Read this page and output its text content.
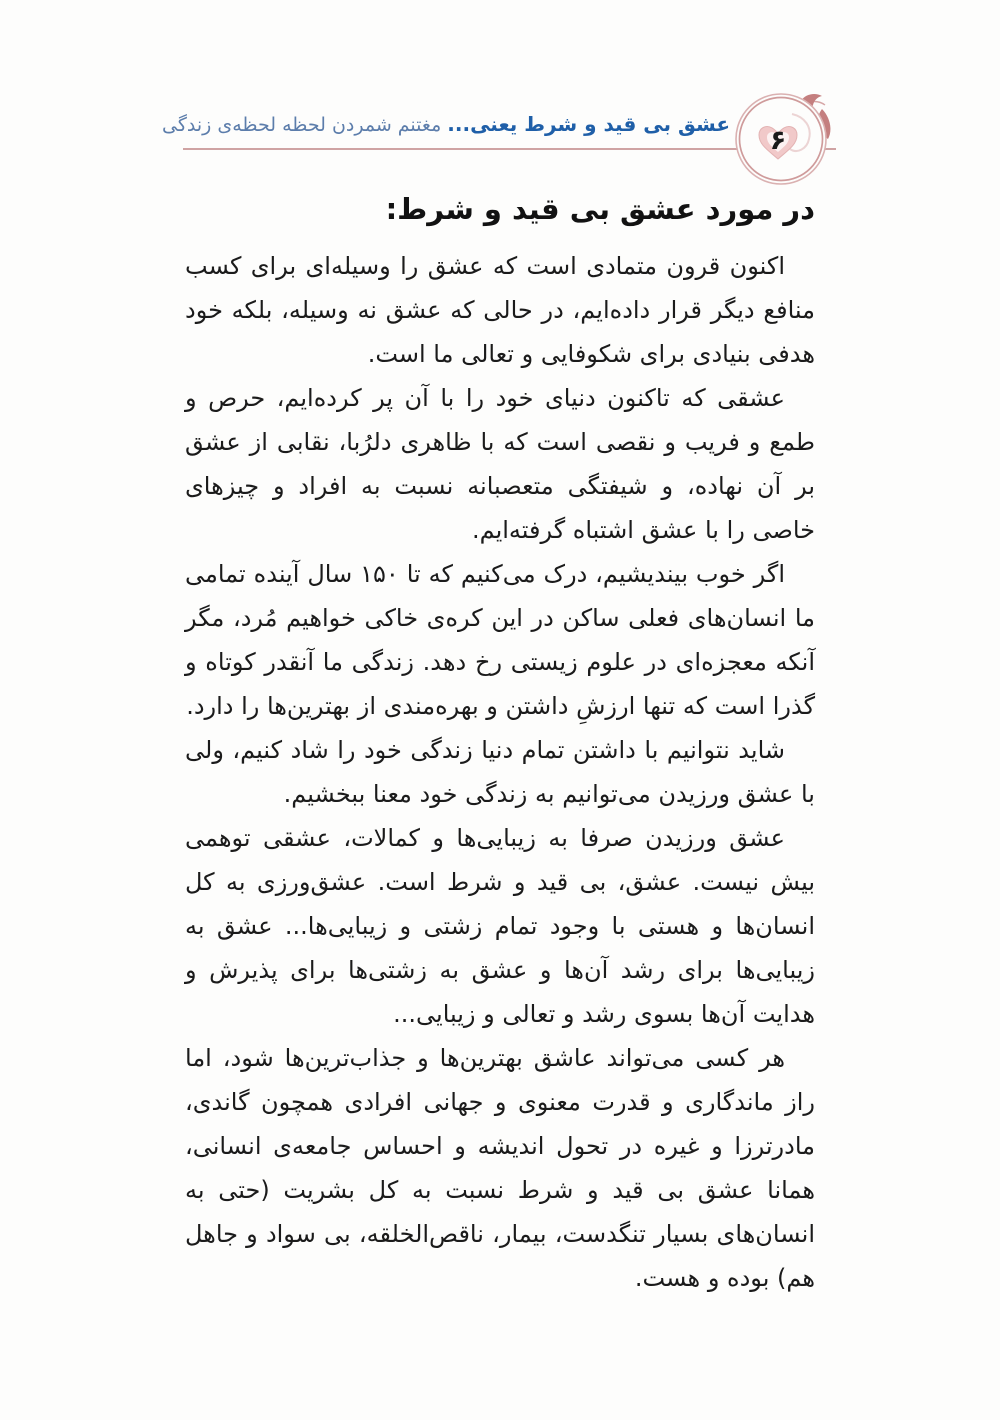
عشق بی قید و شرط یعنی... مغتنم شمردن لحظه لحظه‌ی زندگی	۶
در مورد عشق بی قید و شرط:

اکنون قرون متمادی است که عشق را وسیله‌ای برای کسب منافع دیگر قرار داده‌ایم، در حالی که عشق نه وسیله، بلکه خود هدفی بنیادی برای شکوفایی و تعالی ما است.

عشقی که تاکنون دنیای خود را با آن پر کرده‌ایم، حرص و طمع و فریب و نقصی است که با ظاهری دلرُبا، نقابی از عشق بر آن نهاده، و شیفتگی متعصبانه نسبت به افراد و چیزهای خاصی را با عشق اشتباه گرفته‌ایم.

اگر خوب بیندیشیم، درک می‌کنیم که تا ۱۵۰ سال آینده تمامی ما انسان‌های فعلی ساکن در این کره‌ی خاکی خواهیم مُرد، مگر آنکه معجزه‌ای در علوم زیستی رخ دهد. زندگی ما آنقدر کوتاه و گذرا است که تنها ارزشِ داشتن و بهره‌مندی از بهترین‌ها را دارد.

شاید نتوانیم با داشتن تمام دنیا زندگی خود را شاد کنیم، ولی با عشق ورزیدن می‌توانیم به زندگی خود معنا ببخشیم.

عشق ورزیدن صرفا به زیبایی‌ها و کمالات، عشقی توهمی بیش نیست. عشق، بی قید و شرط است. عشق‌ورزی به کل انسان‌ها و هستی با وجود تمام زشتی و زیبایی‌ها... عشق به زیبایی‌ها برای رشد آن‌ها و عشق به زشتی‌ها برای پذیرش و هدایت آن‌ها بسوی رشد و تعالی و زیبایی...

هر کسی می‌تواند عاشق بهترین‌ها و جذاب‌ترین‌ها شود، اما راز ماندگاری و قدرت معنوی و جهانی افرادی همچون گاندی، مادرترزا و غیره در تحول اندیشه و احساس جامعه‌ی انسانی، همانا عشق بی قید و شرط نسبت به کل بشریت (حتی به انسان‌های بسیار تنگدست، بیمار، ناقص‌الخلقه، بی سواد و جاهل هم) بوده و هست.
